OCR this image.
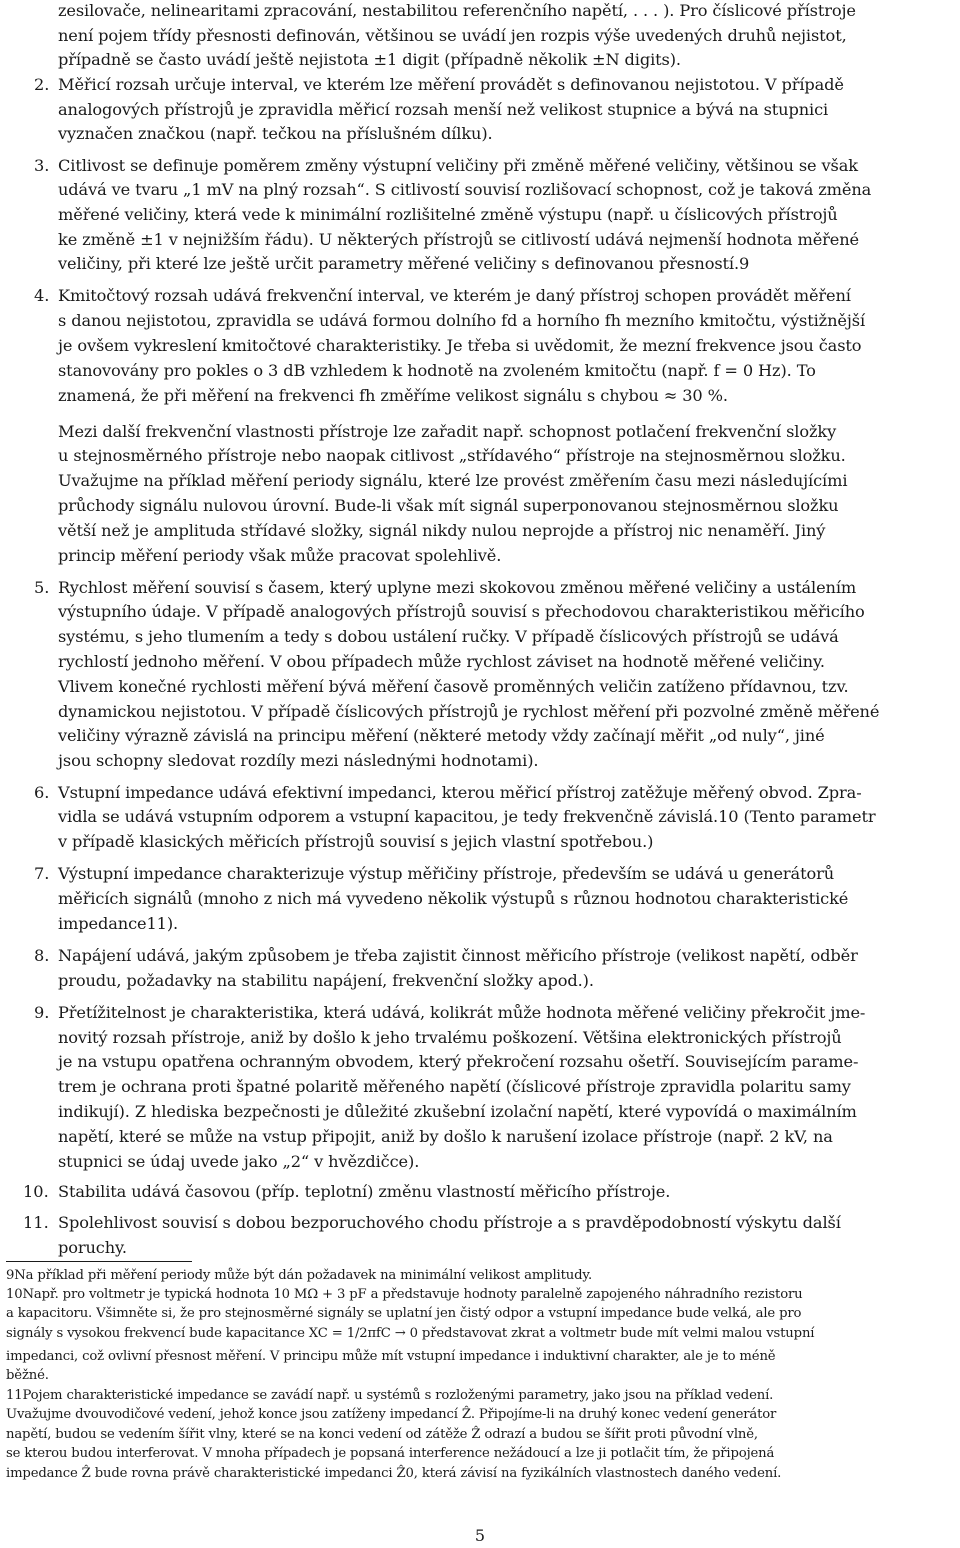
zesilovače, nelinearitami zpracování, nestabilitou referenčního napětí, . . . ). Pro číslicové přístroje
není pojem třídy přesnosti definován, většinou se uvádí jen rozpis výše uvedených druhů nejistot,
případně se často uvádí ještě nejistota ±1 digit (případně několik ±N digits).
2. Měřicí rozsah určuje interval, ve kterém lze měření provádět s definovanou nejistotou. V případě
analogových přístrojů je zpravidla měřicí rozsah menší než velikost stupnice a bývá na stupnici
vyznačen značkou (např. tečkou na příslušném dílku).
3. Citlivost se definuje poměrem změny výstupní veličiny při změně měřené veličiny, většinou se však
udává ve tvaru „1 mV na plný rozsah“. S citlivostí souvisí rozlišovací schopnost, což je taková změna
měřené veličiny, která vede k minimální rozlišitelné změně výstupu (např. u číslicových přístrojů
ke změně ±1 v nejnižším řádu). U některých přístrojů se citlivostí udává nejmenší hodnota měřené
veličiny, při které lze ještě určit parametry měřené veličiny s definovanou přesností.9
4. Kmitočtový rozsah udává frekvenční interval, ve kterém je daný přístroj schopen provádět měření
s danou nejistotou, zpravidla se udává formou dolního fd a horního fh mezního kmitočtu, výstižnější
je ovšem vykreslení kmitočtové charakteristiky. Je třeba si uvědomit, že mezní frekvence jsou často
stanovovány pro pokles o 3 dB vzhledem k hodnotě na zvoleném kmitočtu (např. f = 0 Hz). To
znamená, že při měření na frekvenci fh změříme velikost signálu s chybou ≈ 30 %.
Mezi další frekvenční vlastnosti přístroje lze zařadit např. schopnost potlačení frekvenční složky
u stejnosměrného přístroje nebo naopak citlivost „střídavého“ přístroje na stejnosměrnou složku.
Uvažujme na příklad měření periody signálu, které lze provést změřením času mezi následujícími
průchody signálu nulovou úrovní. Bude-li však mít signál superponovanou stejnosměrnou složku
větší než je amplituda střídavé složky, signál nikdy nulou neprojde a přístroj nic nenaměří. Jiný
princip měření periody však může pracovat spolehlivě.
5. Rychlost měření souvisí s časem, který uplyne mezi skokovou změnou měřené veličiny a ustálením
výstupního údaje. V případě analogových přístrojů souvisí s přechodovou charakteristikou měřicího
systému, s jeho tlumením a tedy s dobou ustálení ručky. V případě číslicových přístrojů se udává
rychlostí jednoho měření. V obou případech může rychlost záviset na hodnotě měřené veličiny.
Vlivem konečné rychlosti měření bývá měření časově proměnných veličin zatíženo přídavnou, tzv.
dynamickou nejistotou. V případě číslicových přístrojů je rychlost měření při pozvolné změně měřené
veličiny výrazně závislá na principu měření (některé metody vždy začínají měřit „od nuly“, jiné
jsou schopny sledovat rozdíly mezi následnými hodnotami).
6. Vstupní impedance udává efektivní impedanci, kterou měřicí přístroj zatěžuje měřený obvod. Zpra-
vidla se udává vstupním odporem a vstupní kapacitou, je tedy frekvenčně závislá.10 (Tento parametr
v případě klasických měřicích přístrojů souvisí s jejich vlastní spotřebou.)
7. Výstupní impedance charakterizuje výstup měřičiny přístroje, především se udává u generátorů
měřicích signálů (mnoho z nich má vyvedeno několik výstupů s různou hodnotou charakteristické
impedance11).
8. Napájení udává, jakým způsobem je třeba zajistit činnost měřicího přístroje (velikost napětí, odběr
proudu, požadavky na stabilitu napájení, frekvenční složky apod.).
9. Přetížitelnost je charakteristika, která udává, kolikrát může hodnota měřené veličiny překročit jme-
novitý rozsah přístroje, aniž by došlo k jeho trvalému poškození. Většina elektronických přístrojů
je na vstupu opatřena ochranným obvodem, který překročení rozsahu ošetří. Souvisejícím parame-
trem je ochrana proti špatné polaritě měřeného napětí (číslicové přístroje zpravidla polaritu samy
indikují). Z hlediska bezpečnosti je důležité zkušební izolační napětí, které vypovídá o maximálním
napětí, které se může na vstup připojit, aniž by došlo k narušení izolace přístroje (např. 2 kV, na
stupnici se údaj uvede jako „2“ v hvězdičce).
10. Stabilita udává časovou (příp. teplotní) změnu vlastností měřicího přístroje.
11. Spolehlivost souvisí s dobou bezporuchového chodu přístroje a s pravděpodobností výskytu další
poruchy.
9Na příklad při měření periody může být dán požadavek na minimální velikost amplitudy.
10Např. pro voltmetr je typická hodnota 10 MΩ + 3 pF a představuje hodnoty paralelně zapojeného náhradního rezistoru
a kapacitoru. Všimněte si, že pro stejnosměrné signály se uplatní jen čistý odpor a vstupní impedance bude velká, ale pro
signály s vysokou frekvencí bude kapacitance XC = 1/2πfC → 0 představovat zkrat a voltmetr bude mít velmi malou vstupní
impedanci, což ovlivní přesnost měření. V principu může mít vstupní impedance i induktivní charakter, ale je to méně
běžné.
11Pojem charakteristické impedance se zavádí např. u systémů s rozloženými parametry, jako jsou na příklad vedení.
Uvažujme dvouvodičové vedení, jehož konce jsou zatíženy impedancí Ẑ. Připojíme-li na druhý konec vedení generátor
napětí, budou se vedením šířit vlny, které se na konci vedení od zátěže Ẑ odrazí a budou se šířit proti původní vlně,
se kterou budou interferovat. V mnoha případech je popsaná interference nežádoucí a lze ji potlačit tím, že připojená
impedance Ẑ bude rovna právě charakteristické impedanci Ẑ0, která závisí na fyzikálních vlastnostech daného vedení.
5
